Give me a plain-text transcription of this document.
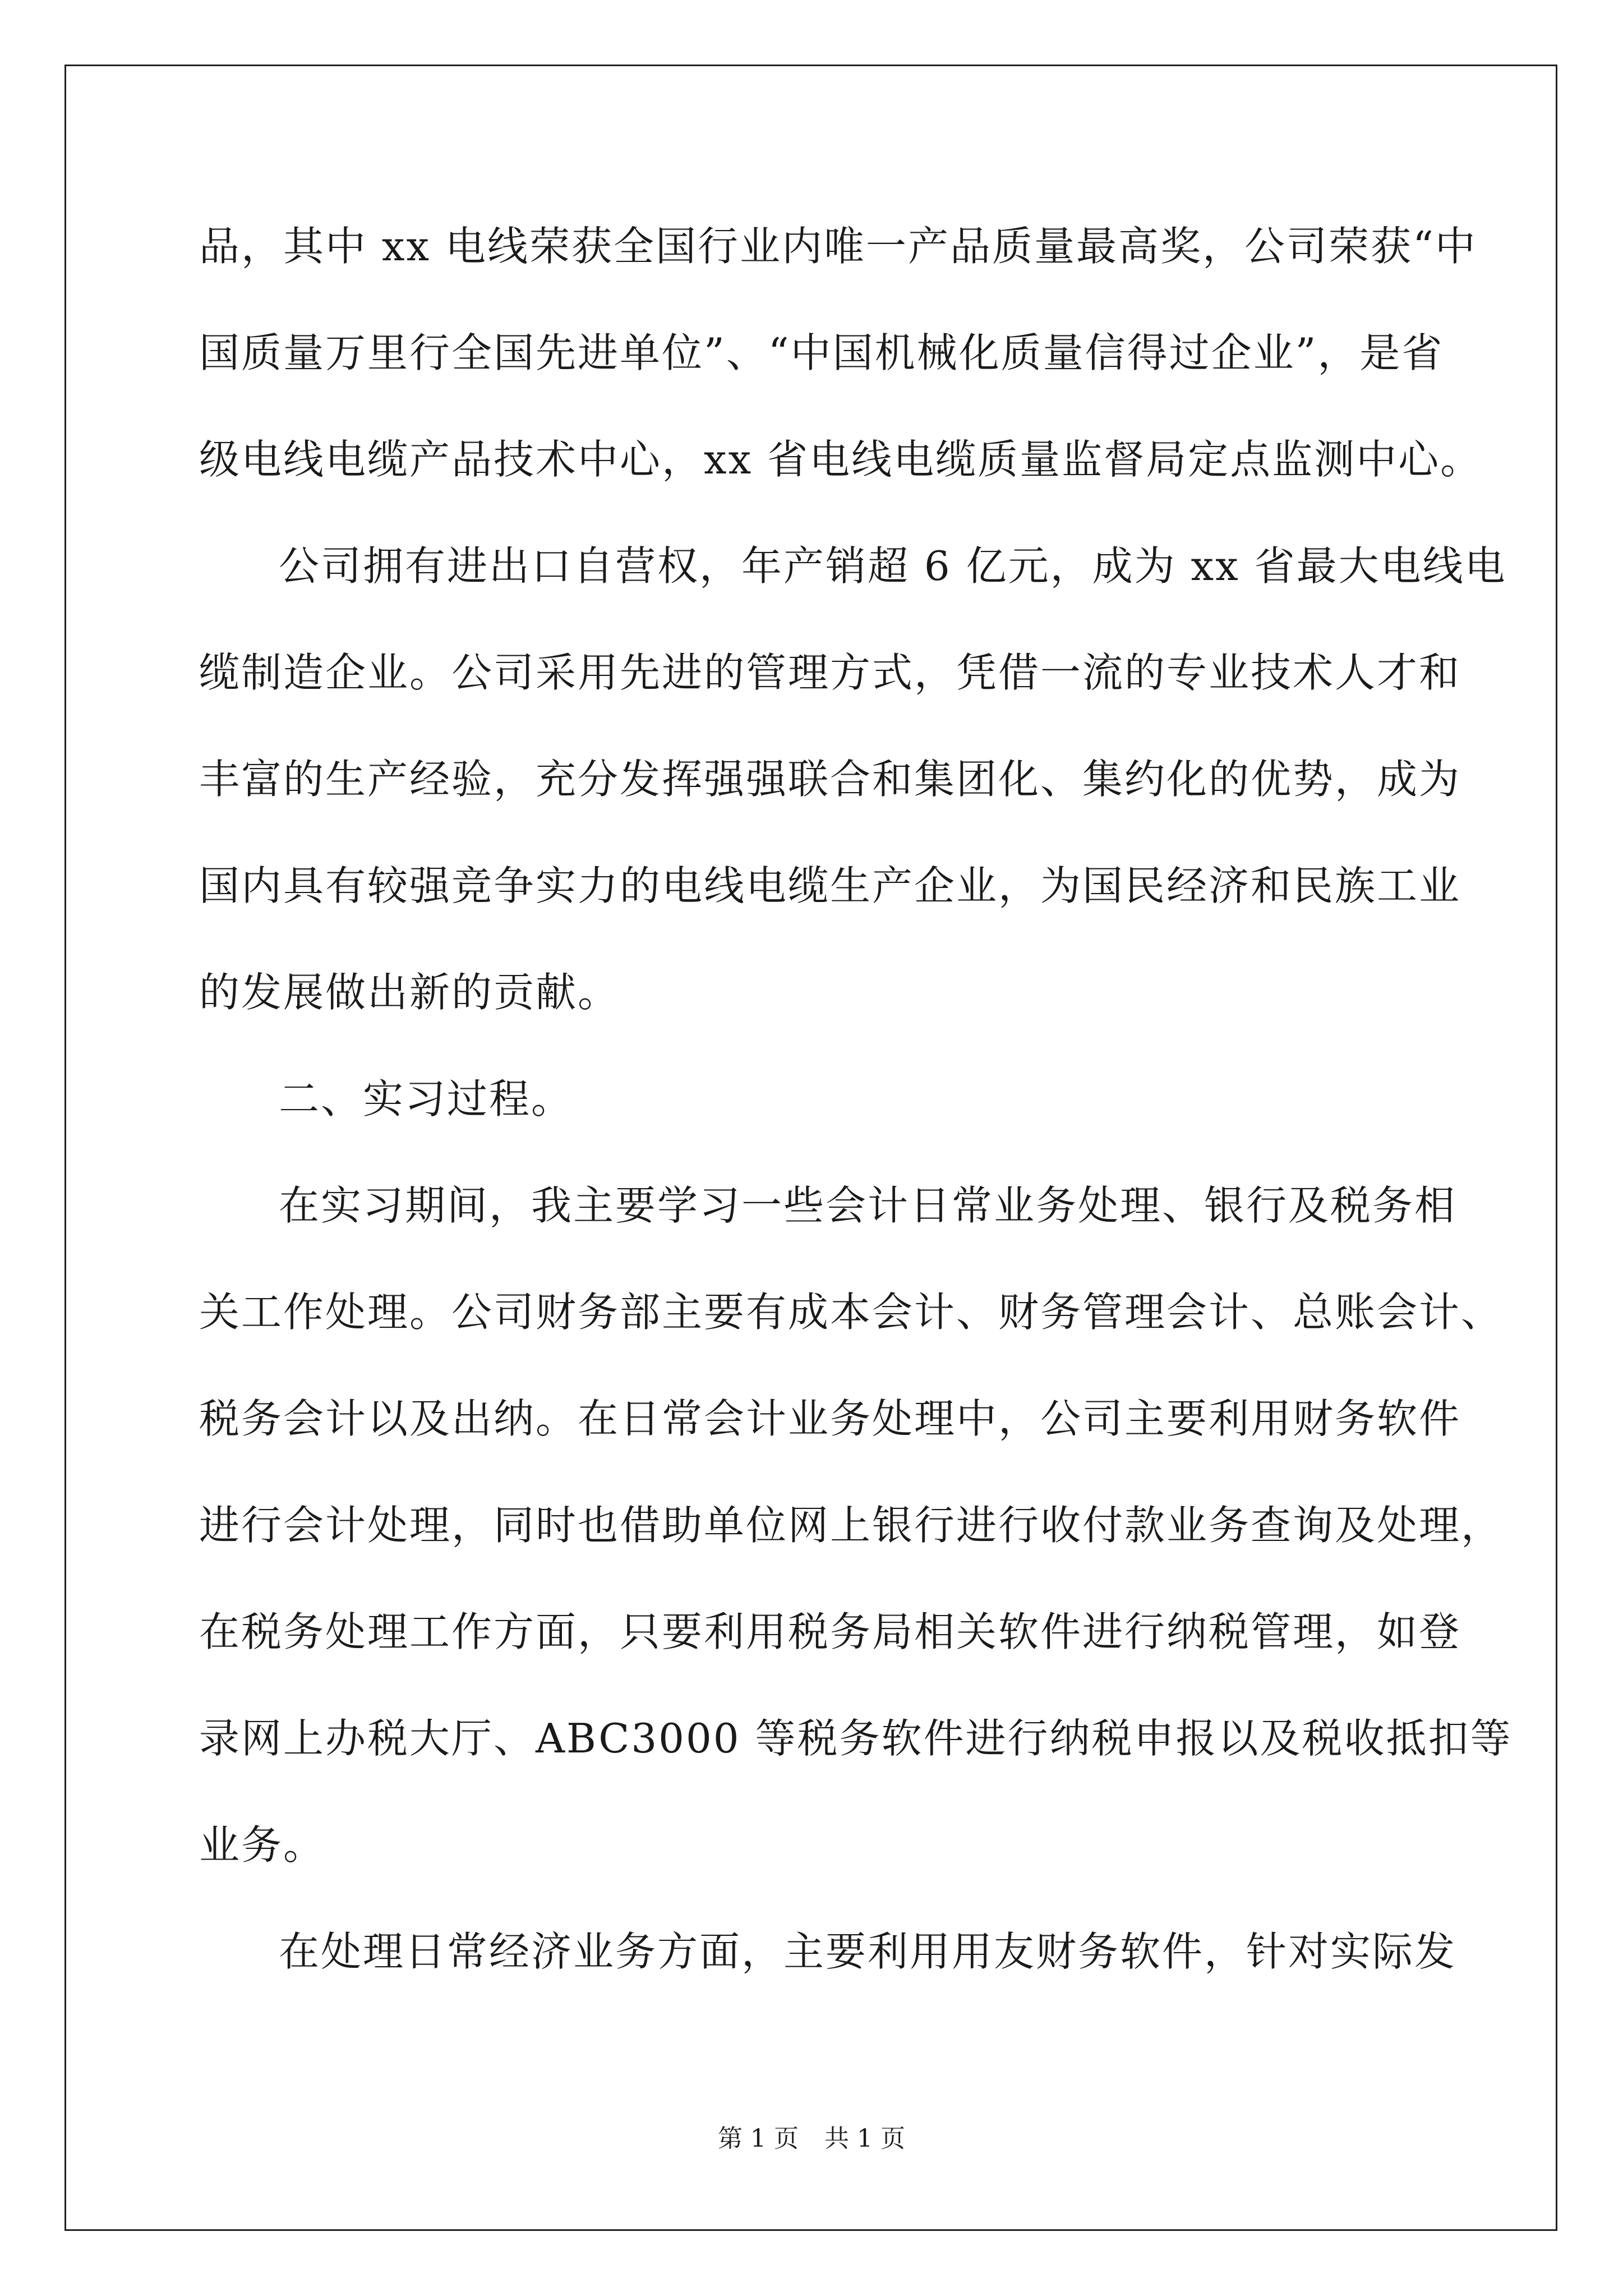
品，其中 xx 电线荣获全国行业内唯一产品质量最高奖，公司荣获“中
国质量万里行全国先进单位”、“中国机械化质量信得过企业”，是省
级电线电缆产品技术中心，xx 省电线电缆质量监督局定点监测中心。
公司拥有进出口自营权，年产销超 6 亿元，成为 xx 省最大电线电
缆制造企业。公司采用先进的管理方式，凭借一流的专业技术人才和
丰富的生产经验，充分发挥强强联合和集团化、集约化的优势，成为
国内具有较强竞争实力的电线电缆生产企业，为国民经济和民族工业
的发展做出新的贡献。
二、实习过程。
在实习期间，我主要学习一些会计日常业务处理、银行及税务相
关工作处理。公司财务部主要有成本会计、财务管理会计、总账会计、
税务会计以及出纳。在日常会计业务处理中，公司主要利用财务软件
进行会计处理，同时也借助单位网上银行进行收付款业务查询及处理，
在税务处理工作方面，只要利用税务局相关软件进行纳税管理，如登
录网上办税大厅、ABC3000 等税务软件进行纳税申报以及税收抵扣等
业务。
在处理日常经济业务方面，主要利用用友财务软件，针对实际发
第 1 页 共 1 页
